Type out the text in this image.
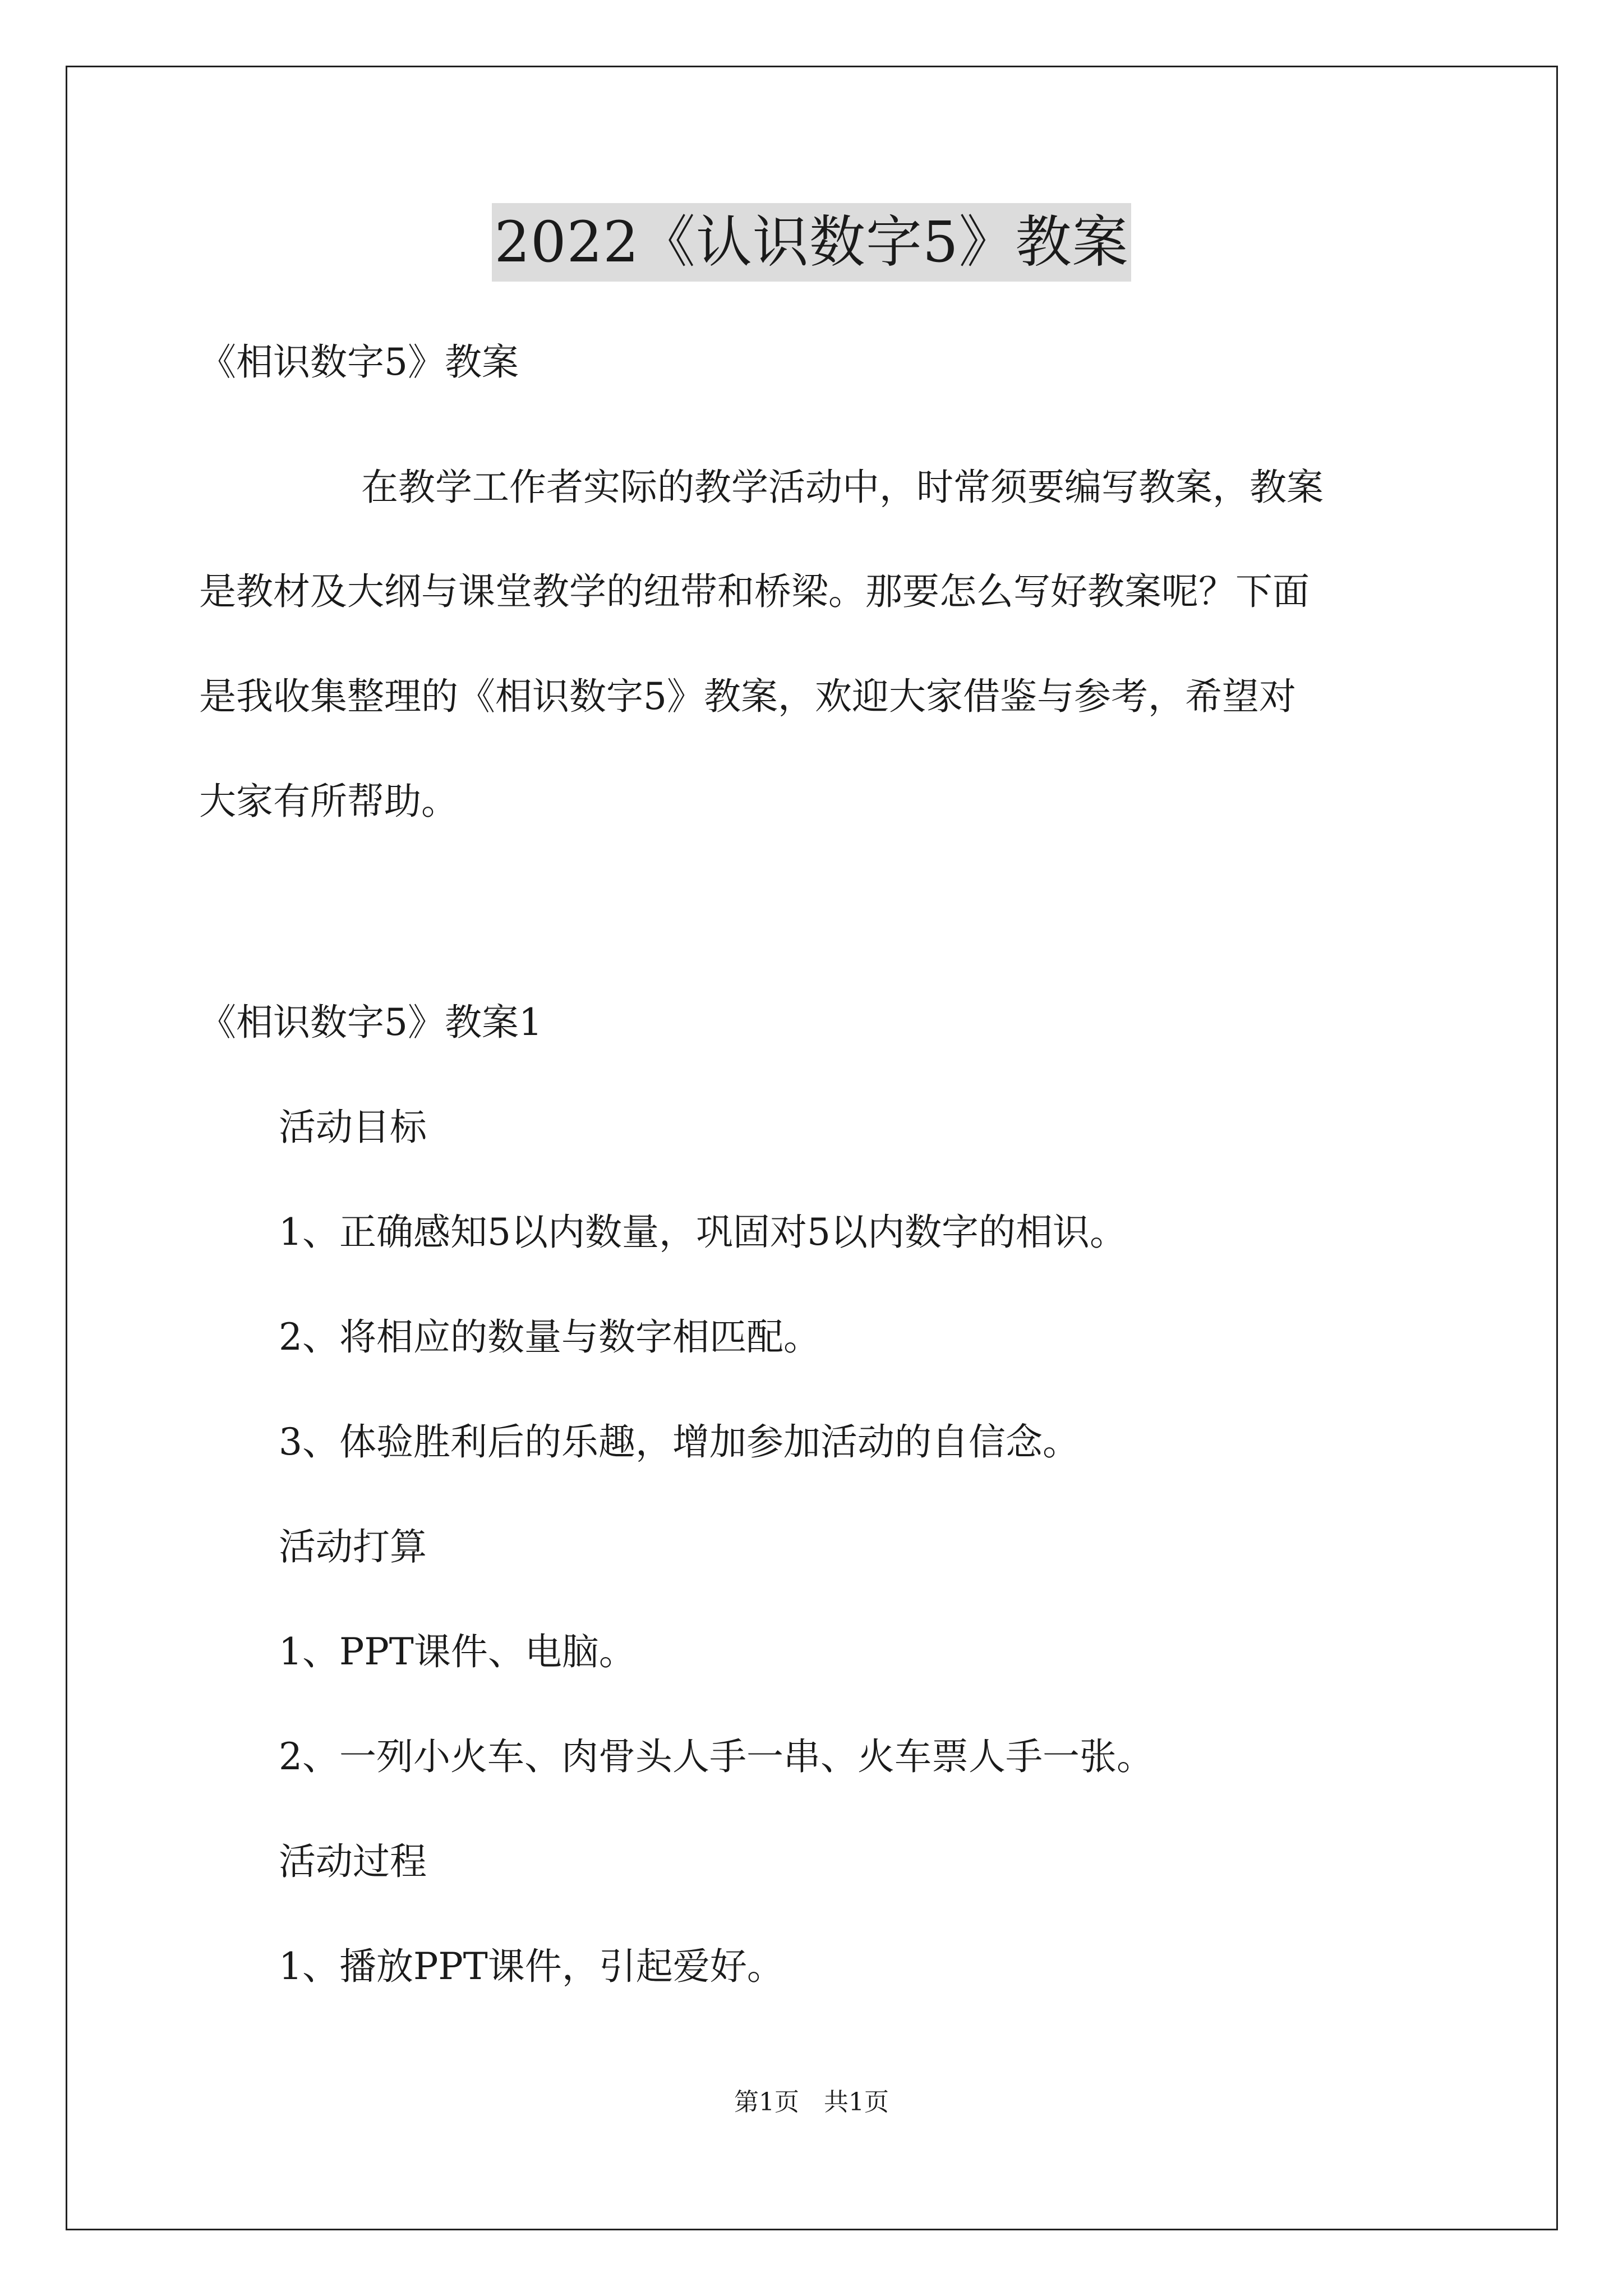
2022《认识数字5》教案

《相识数字5》教案

在教学工作者实际的教学活动中，时常须要编写教案，教案

是教材及大纲与课堂教学的纽带和桥梁。那要怎么写好教案呢？下面

是我收集整理的《相识数字5》教案，欢迎大家借鉴与参考，希望对

大家有所帮助。

《相识数字5》教案1

活动目标

1、正确感知5以内数量，巩固对5以内数字的相识。

2、将相应的数量与数字相匹配。

3、体验胜利后的乐趣，增加参加活动的自信念。

活动打算

1、PPT课件、电脑。

2、一列小火车、肉骨头人手一串、火车票人手一张。

活动过程

1、播放PPT课件，引起爱好。

第1页　共1页
